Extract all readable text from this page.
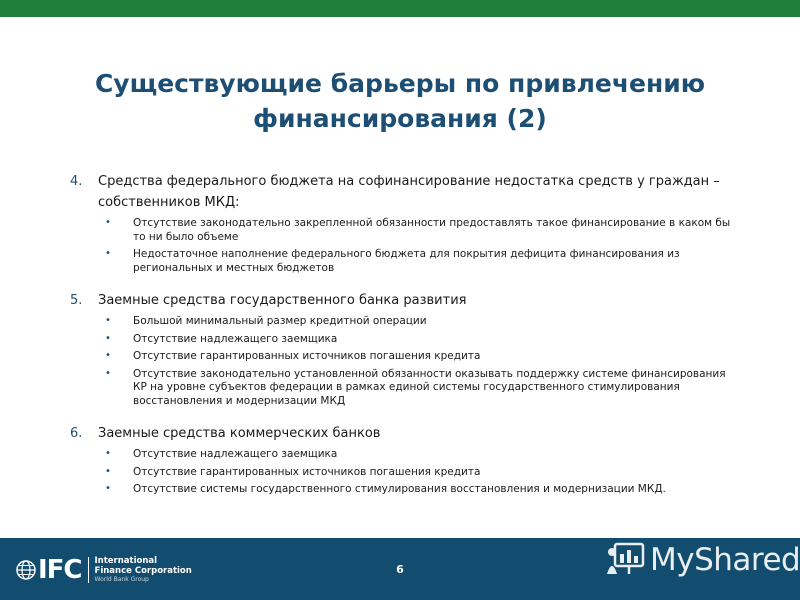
Существующие барьеры по привлечению
финансирования (2)
4.	Средства федерального бюджета на софинансирование недостатка средств у граждан – собственников МКД:
• Отсутствие законодательно закрепленной обязанности предоставлять такое финансирование в каком бы то ни было объеме
• Недостаточное наполнение федерального бюджета для покрытия дефицита финансирования из региональных и местных бюджетов
5.	Заемные средства государственного банка развития
• Большой минимальный размер кредитной операции
• Отсутствие надлежащего заемщика
• Отсутствие гарантированных источников погашения кредита
• Отсутствие законодательно установленной обязанности оказывать поддержку системе финансирования КР на уровне субъектов федерации в рамках единой системы государственного стимулирования восстановления и модернизации МКД
6.	Заемные средства коммерческих банков
• Отсутствие надлежащего заемщика
• Отсутствие гарантированных источников погашения кредита
• Отсутствие системы государственного стимулирования восстановления и модернизации МКД.
IFC International
Finance Corporation
World Bank Group
6	MyShared
